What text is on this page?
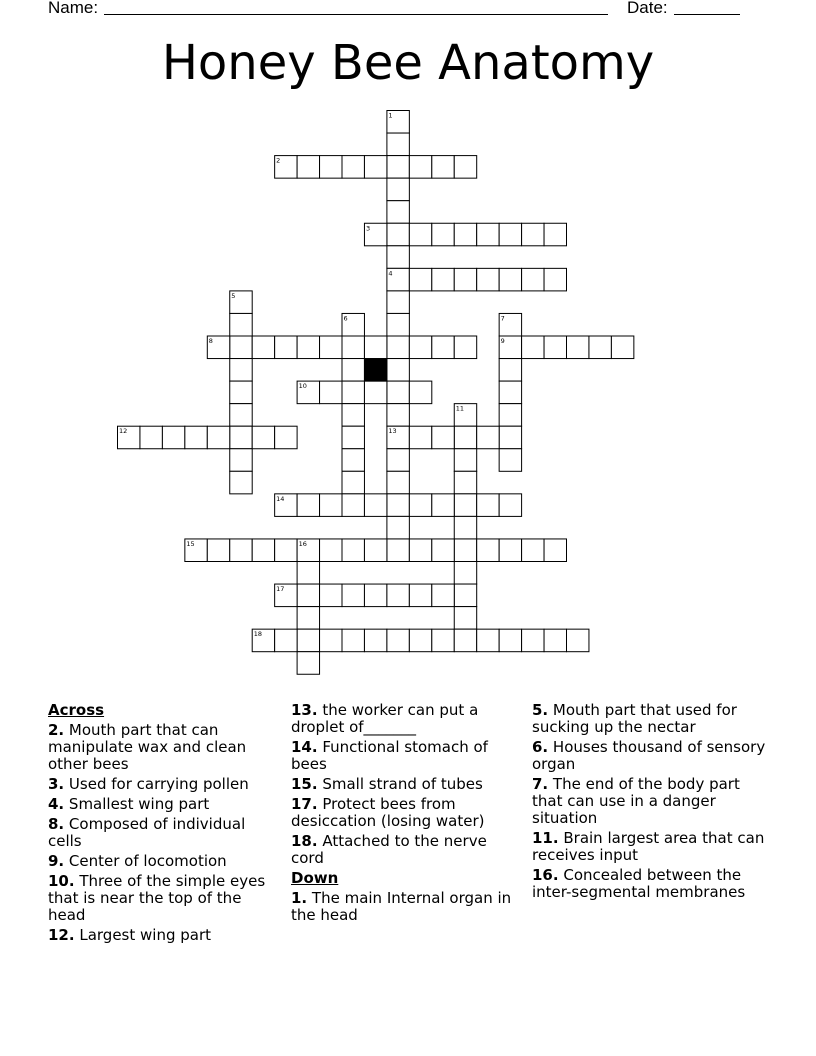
Name:	Date:
Honey Bee Anatomy
1
2
3
4
5
6	7
8	9
10
11
12	13
14
15	16
17
18
Across
2. Mouth part that can manipulate wax and clean other bees
3. Used for carrying pollen
4. Smallest wing part
8. Composed of individual cells
9. Center of locomotion
10. Three of the simple eyes that is near the top of the head
12. Largest wing part
13. the worker can put a droplet of_______
14. Functional stomach of bees
15. Small strand of tubes
17. Protect bees from desiccation (losing water)
18. Attached to the nerve cord
Down
1. The main Internal organ in the head
5. Mouth part that used for sucking up the nectar
6. Houses thousand of sensory organ
7. The end of the body part that can use in a danger situation
11. Brain largest area that can receives input
16. Concealed between the inter-segmental membranes
